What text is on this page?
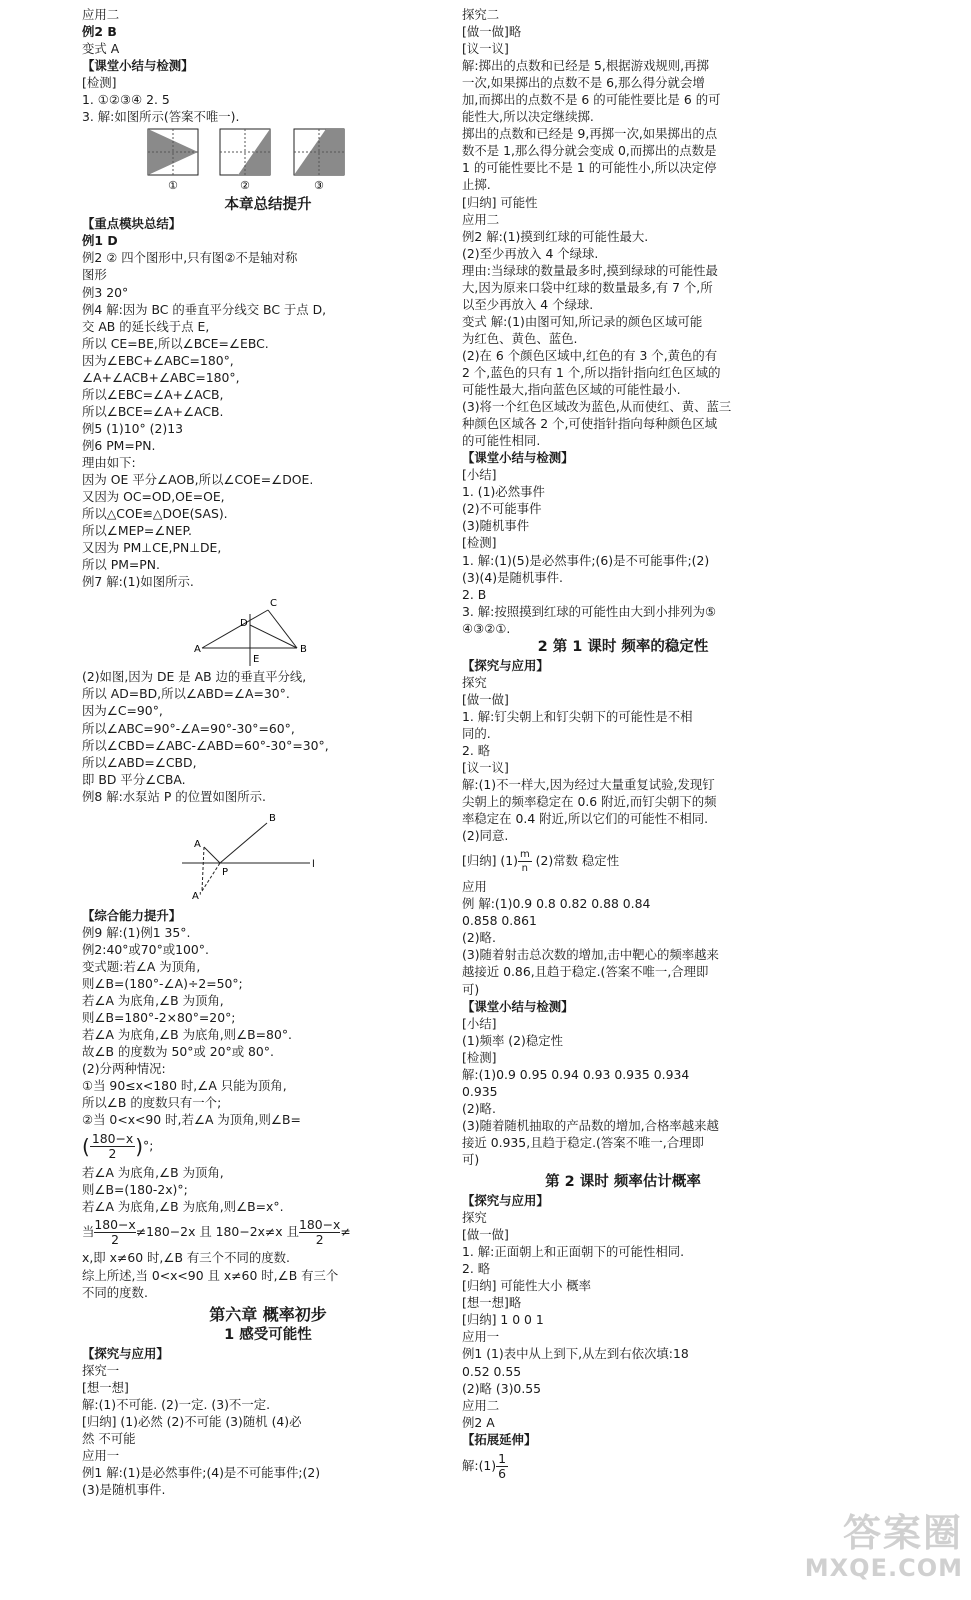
应用二
例2 B
变式 A
【课堂小结与检测】
[检测]
1. ①②③④ 2. 5
3. 解:如图所示(答案不唯一).
①	②	③
本章总结提升
【重点模块总结】
例1 D
例2 ② 四个图形中,只有图②不是轴对称
图形
例3 20°
例4 解:因为 BC 的垂直平分线交 BC 于点 D,
交 AB 的延长线于点 E,
所以 CE=BE,所以∠BCE=∠EBC.
因为∠EBC+∠ABC=180°,
∠A+∠ACB+∠ABC=180°,
所以∠EBC=∠A+∠ACB,
所以∠BCE=∠A+∠ACB.
例5 (1)10° (2)13
例6 PM=PN.
理由如下:
因为 OE 平分∠AOB,所以∠COE=∠DOE.
又因为 OC=OD,OE=OE,
所以△COE≌△DOE(SAS).
所以∠MEP=∠NEP.
又因为 PM⊥CE,PN⊥DE,
所以 PM=PN.
例7 解:(1)如图所示.
A	B
C
D
E
(2)如图,因为 DE 是 AB 边的垂直平分线,
所以 AD=BD,所以∠ABD=∠A=30°.
因为∠C=90°,
所以∠ABC=90°-∠A=90°-30°=60°,
所以∠CBD=∠ABC-∠ABD=60°-30°=30°,
所以∠ABD=∠CBD,
即 BD 平分∠CBA.
例8 解:水泵站 P 的位置如图所示.
A
B
P
l
A'
【综合能力提升】
例9 解:(1)例1 35°.
例2:40°或70°或100°.
变式题:若∠A 为顶角,
则∠B=(180°-∠A)÷2=50°;
若∠A 为底角,∠B 为顶角,
则∠B=180°-2×80°=20°;
若∠A 为底角,∠B 为底角,则∠B=80°.
故∠B 的度数为 50°或 20°或 80°.
(2)分两种情况:
①当 90≤x<180 时,∠A 只能为顶角,
所以∠B 的度数只有一个;
②当 0<x<90 时,若∠A 为顶角,则∠B=
( $\frac{180-x}{2}$ )°;
若∠A 为底角,∠B 为顶角,
则∠B=(180-2x)°;
若∠A 为底角,∠B 为底角,则∠B=x°.
当 $\frac{180-x}{2} \ne 180-2x$ 且 180−2x≠x 且 $\frac{180-x}{2}$ ≠
x,即 x≠60 时,∠B 有三个不同的度数.
综上所述,当 0<x<90 且 x≠60 时,∠B 有三个
不同的度数.
第六章 概率初步
1 感受可能性
【探究与应用】
探究一
[想一想]
解:(1)不可能. (2)一定. (3)不一定.
[归纳] (1)必然 (2)不可能 (3)随机 (4)必
然 不可能
应用一
例1 解:(1)是必然事件;(4)是不可能事件;(2)
(3)是随机事件.
探究二
[做一做]略
[议一议]
解:掷出的点数和已经是 5,根据游戏规则,再掷
一次,如果掷出的点数不是 6,那么得分就会增
加,而掷出的点数不是 6 的可能性要比是 6 的可
能性大,所以决定继续掷.
掷出的点数和已经是 9,再掷一次,如果掷出的点
数不是 1,那么得分就会变成 0,而掷出的点数是
1 的可能性要比不是 1 的可能性小,所以决定停
止掷.
[归纳] 可能性
应用二
例2 解:(1)摸到红球的可能性最大.
(2)至少再放入 4 个绿球.
理由:当绿球的数量最多时,摸到绿球的可能性最
大,因为原来口袋中红球的数量最多,有 7 个,所
以至少再放入 4 个绿球.
变式 解:(1)由图可知,所记录的颜色区域可能
为红色、黄色、蓝色.
(2)在 6 个颜色区域中,红色的有 3 个,黄色的有
2 个,蓝色的只有 1 个,所以指针指向红色区域的
可能性最大,指向蓝色区域的可能性最小.
(3)将一个红色区域改为蓝色,从而使红、黄、蓝三
种颜色区域各 2 个,可使指针指向每种颜色区域
的可能性相同.
【课堂小结与检测】
[小结]
1. (1)必然事件
(2)不可能事件
(3)随机事件
[检测]
1. 解:(1)(5)是必然事件;(6)是不可能事件;(2)
(3)(4)是随机事件.
2. B
3. 解:按照摸到红球的可能性由大到小排列为⑤
④③②①.
2 第 1 课时 频率的稳定性
【探究与应用】
探究
[做一做]
1. 解:钉尖朝上和钉尖朝下的可能性是不相
同的.
2. 略
[议一议]
解:(1)不一样大,因为经过大量重复试验,发现钉
尖朝上的频率稳定在 0.6 附近,而钉尖朝下的频
率稳定在 0.4 附近,所以它们的可能性不相同.
(2)同意.
[归纳] $(1) \frac{m}{n} (2)$常数 稳定性
应用
例 解:(1)0.9 0.8 0.82 0.88 0.84
0.858 0.861
(2)略.
(3)随着射击总次数的增加,击中靶心的频率越来
越接近 0.86,且趋于稳定.(答案不唯一,合理即
可)
【课堂小结与检测】
[小结]
(1)频率 (2)稳定性
[检测]
解:(1)0.9 0.95 0.94 0.93 0.935 0.934
0.935
(2)略.
(3)随着随机抽取的产品数的增加,合格率越来越
接近 0.935,且趋于稳定.(答案不唯一,合理即
可)
第 2 课时 频率估计概率
【探究与应用】
探究
[做一做]
1. 解:正面朝上和正面朝下的可能性相同.
2. 略
[归纳] 可能性大小 概率
[想一想]略
[归纳] 1 0 0 1
应用一
例1 (1)表中从上到下,从左到右依次填:18
0.52 0.55
(2)略 (3)0.55
应用二
例2 A
【拓展延伸】
解:(1) $\frac{1}{6}$
答案圈
MXQE.COM
